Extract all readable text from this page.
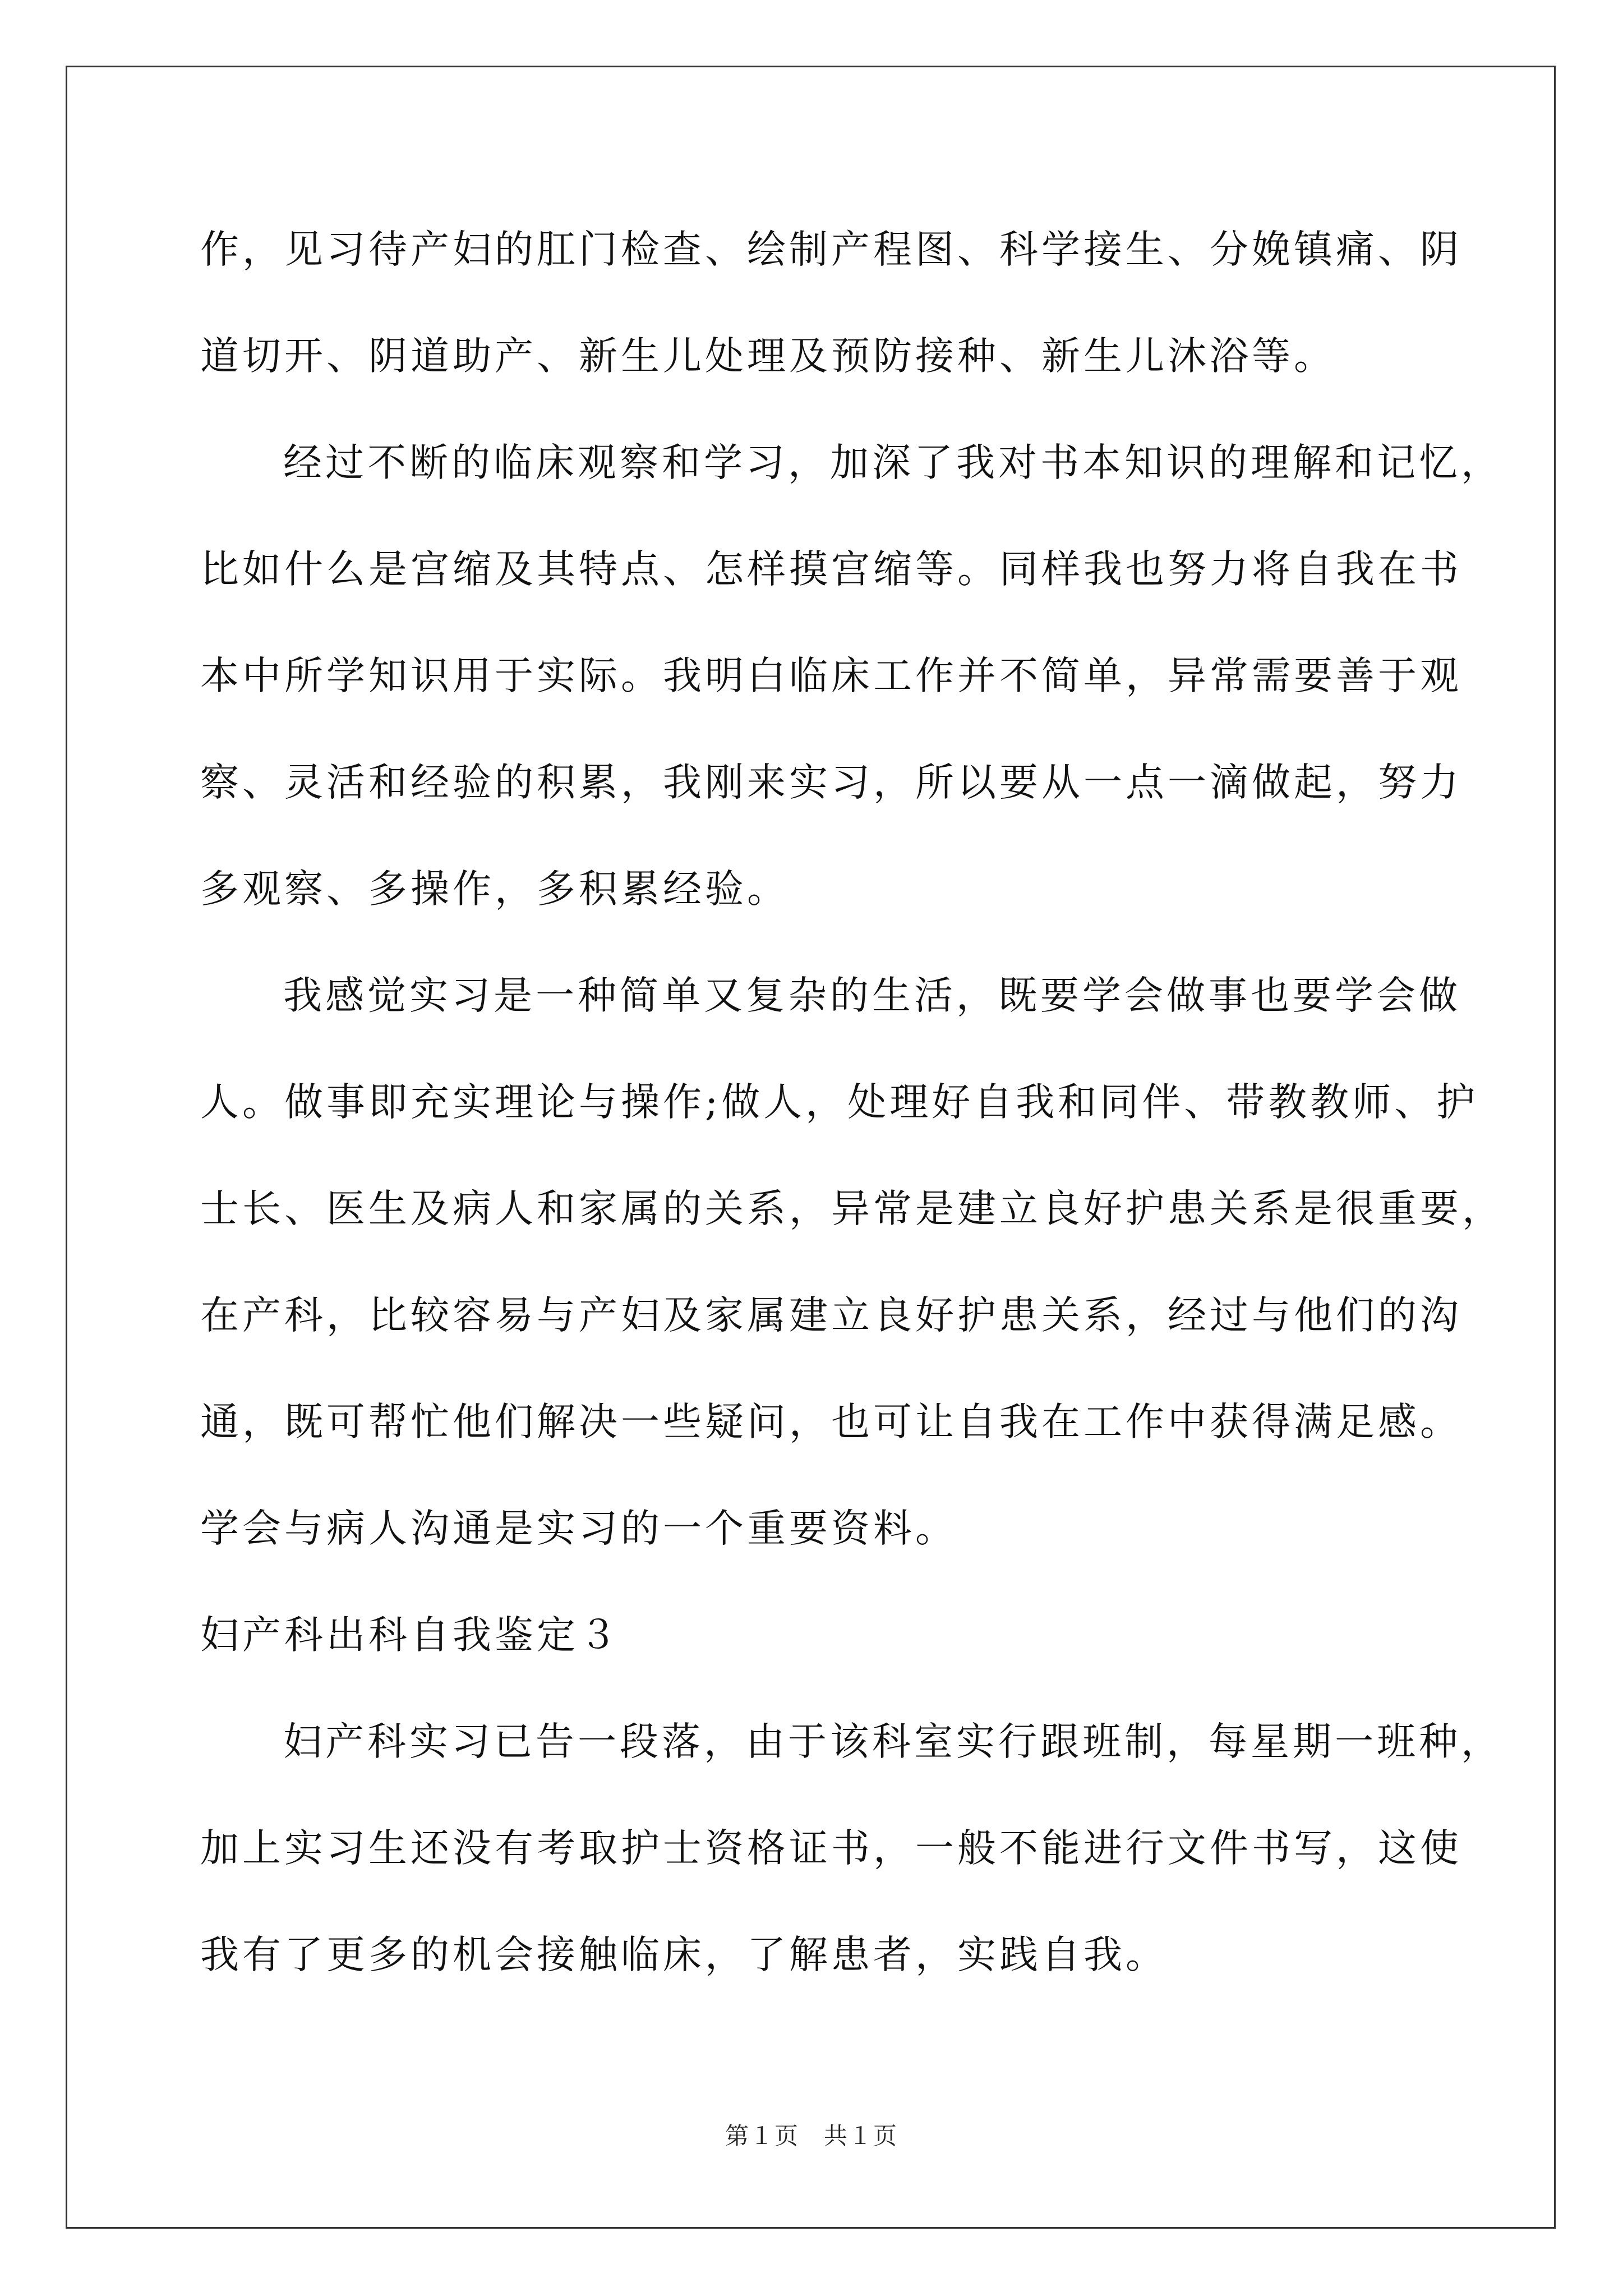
作，见习待产妇的肛门检查、绘制产程图、科学接生、分娩镇痛、阴
道切开、阴道助产、新生儿处理及预防接种、新生儿沐浴等。
经过不断的临床观察和学习，加深了我对书本知识的理解和记忆，
比如什么是宫缩及其特点、怎样摸宫缩等。同样我也努力将自我在书
本中所学知识用于实际。我明白临床工作并不简单，异常需要善于观
察、灵活和经验的积累，我刚来实习，所以要从一点一滴做起，努力
多观察、多操作，多积累经验。
我感觉实习是一种简单又复杂的生活，既要学会做事也要学会做
人。做事即充实理论与操作;做人，处理好自我和同伴、带教教师、护
士长、医生及病人和家属的关系，异常是建立良好护患关系是很重要，
在产科，比较容易与产妇及家属建立良好护患关系，经过与他们的沟
通，既可帮忙他们解决一些疑问，也可让自我在工作中获得满足感。
学会与病人沟通是实习的一个重要资料。
妇产科出科自我鉴定３
妇产科实习已告一段落，由于该科室实行跟班制，每星期一班种，
加上实习生还没有考取护士资格证书，一般不能进行文件书写，这使
我有了更多的机会接触临床，了解患者，实践自我。
第１页　共１页
